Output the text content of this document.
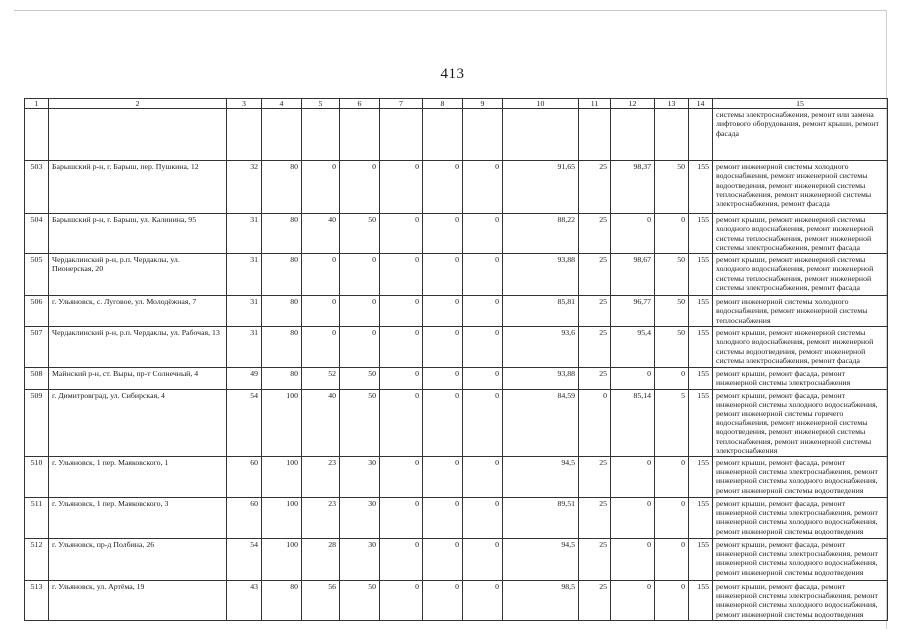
413
1	2	3	4	5	6	7	8	9	10	11	12	13	14	15
														системы электроснабжения, ремонт или замена лифтового оборудования, ремонт крыши, ремонт фасада
503	Барышский р-н, г. Барыш, пер. Пушкина, 12	32	80	0	0	0	0	0	91,65	25	98,37	50	155	ремонт инженерной системы холодного водоснабжения, ремонт инженерной системы водоотведения, ремонт инженерной системы теплоснабжения, ремонт инженерной системы электроснабжения, ремонт фасада
504	Барышский р-н, г. Барыш, ул. Калинина, 95	31	80	40	50	0	0	0	88,22	25	0	0	155	ремонт крыши, ремонт инженерной системы холодного водоснабжения, ремонт инженерной системы теплоснабжения, ремонт инженерной системы электроснабжения, ремонт фасада
505	Чердаклинский р-н, р.п. Чердаклы, ул. Пионерская, 20	31	80	0	0	0	0	0	93,88	25	98,67	50	155	ремонт крыши, ремонт инженерной системы холодного водоснабжения, ремонт инженерной системы теплоснабжения, ремонт инженерной системы электроснабжения, ремонт фасада
506	г. Ульяновск, с. Луговое, ул. Молодёжная, 7	31	80	0	0	0	0	0	85,81	25	96,77	50	155	ремонт инженерной системы холодного водоснабжения, ремонт инженерной системы теплоснабжения
507	Чердаклинский р-н, р.п. Чердаклы, ул. Рабочая, 13	31	80	0	0	0	0	0	93,6	25	95,4	50	155	ремонт крыши, ремонт инженерной системы холодного водоснабжения, ремонт инженерной системы водоотведения, ремонт инженерной системы электроснабжения, ремонт фасада
508	Майнский р-н, ст. Выры, пр-т Солнечный, 4	49	80	52	50	0	0	0	93,88	25	0	0	155	ремонт крыши, ремонт фасада, ремонт инженерной системы электроснабжения
509	г. Димитровград, ул. Сибирская, 4	54	100	40	50	0	0	0	84,59	0	85,14	5	155	ремонт крыши, ремонт фасада, ремонт инженерной системы холодного водоснабжения, ремонт инженерной системы горячего водоснабжения, ремонт инженерной системы водоотведения, ремонт инженерной системы теплоснабжения, ремонт инженерной системы электроснабжения
510	г. Ульяновск, 1 пер. Маяковского, 1	60	100	23	30	0	0	0	94,5	25	0	0	155	ремонт крыши, ремонт фасада, ремонт инженерной системы электроснабжения, ремонт инженерной системы холодного водоснабжения, ремонт инженерной системы водоотведения
511	г. Ульяновск, 1 пер. Маяковского, 3	60	100	23	30	0	0	0	89,51	25	0	0	155	ремонт крыши, ремонт фасада, ремонт инженерной системы электроснабжения, ремонт инженерной системы холодного водоснабжения, ремонт инженерной системы водоотведения
512	г. Ульяновск, пр-д Полбина, 26	54	100	28	30	0	0	0	94,5	25	0	0	155	ремонт крыши, ремонт фасада, ремонт инженерной системы электроснабжения, ремонт инженерной системы холодного водоснабжения, ремонт инженерной системы водоотведения
513	г. Ульяновск, ул. Артёма, 19	43	80	56	50	0	0	0	98,5	25	0	0	155	ремонт крыши, ремонт фасада, ремонт инженерной системы электроснабжения, ремонт инженерной системы холодного водоснабжения, ремонт инженерной системы водоотведения
